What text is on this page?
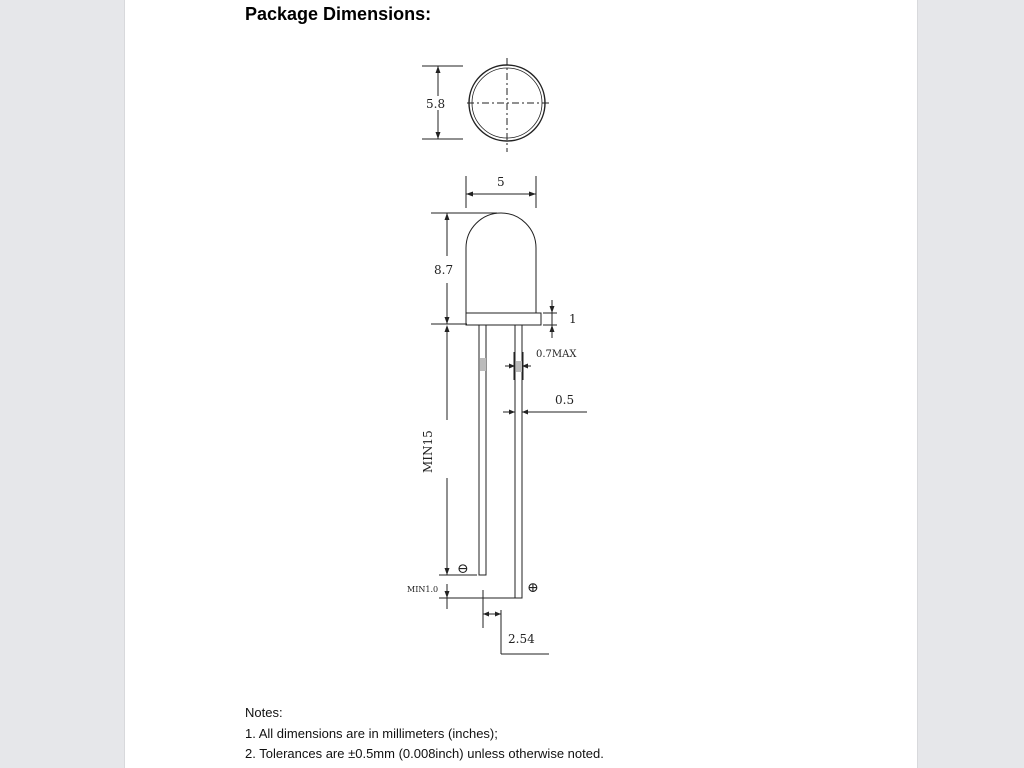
Package Dimensions:
5.8
5
8.7
1
0.7MAX
0.5
MIN15
MIN1.0
2.54
⊖
⊕
Notes:
1. All dimensions are in millimeters (inches);
2. Tolerances are ±0.5mm (0.008inch) unless otherwise noted.
